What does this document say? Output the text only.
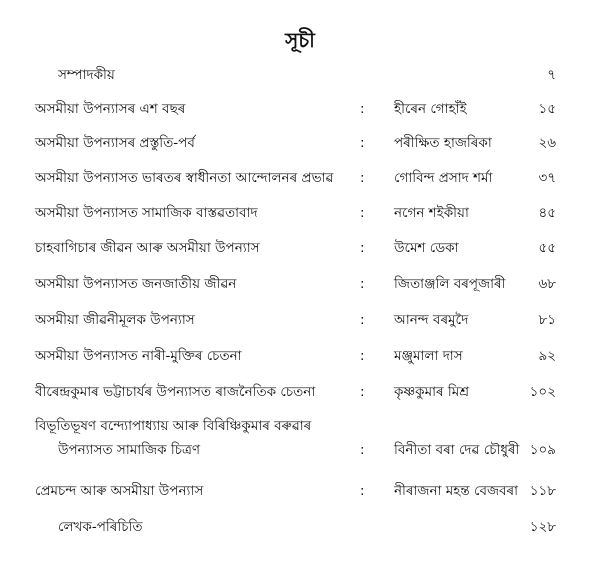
সূচী
সম্পাদকীয়	৭
অসমীয়া উপন্যাসৰ এশ বছৰ	: হীৰেন গোহাঁই	১৫
অসমীয়া উপন্যাসৰ প্ৰস্তুতি-পৰ্ব	: পৰীক্ষিত হাজৰিকা	২৬
অসমীয়া উপন্যাসত ভাৰতৰ স্বাধীনতা আন্দোলনৰ প্ৰভাৱ : গোবিন্দ প্ৰসাদ শৰ্মা	৩৭
অসমীয়া উপন্যাসত সামাজিক বাস্তৱতাবাদ	: নগেন শইকীয়া	৪৫
চাহবাগিচাৰ জীৱন আৰু অসমীয়া উপন্যাস	: উমেশ ডেকা	৫৫
অসমীয়া উপন্যাসত জনজাতীয় জীৱন	: জিতাঞ্জলি বৰপূজাৰী ৬৮
অসমীয়া জীৱনীমূলক উপন্যাস	: আনন্দ বৰমুদৈ	৮১
অসমীয়া উপন্যাসত নাৰী-মুক্তিৰ চেতনা	: মঞ্জুমালা দাস	৯২
বীৰেন্দ্ৰকুমাৰ ভট্টাচাৰ্যৰ উপন্যাসত ৰাজনৈতিক চেতনা	: কৃষ্ণকুমাৰ মিশ্ৰ	১০২
বিভূতিভূষণ বন্দ্যোপাধ্যায় আৰু বিৰিঞ্চিকুমাৰ বৰুৱাৰ
উপন্যাসত সামাজিক চিত্ৰণ	: বিনীতা বৰা দেৱ চৌধুৰী ১০৯
প্ৰেমচন্দ আৰু অসমীয়া উপন্যাস	: নীৰাজনা মহন্ত বেজবৰা ১১৮
লেখক-পৰিচিতি	১২৮
